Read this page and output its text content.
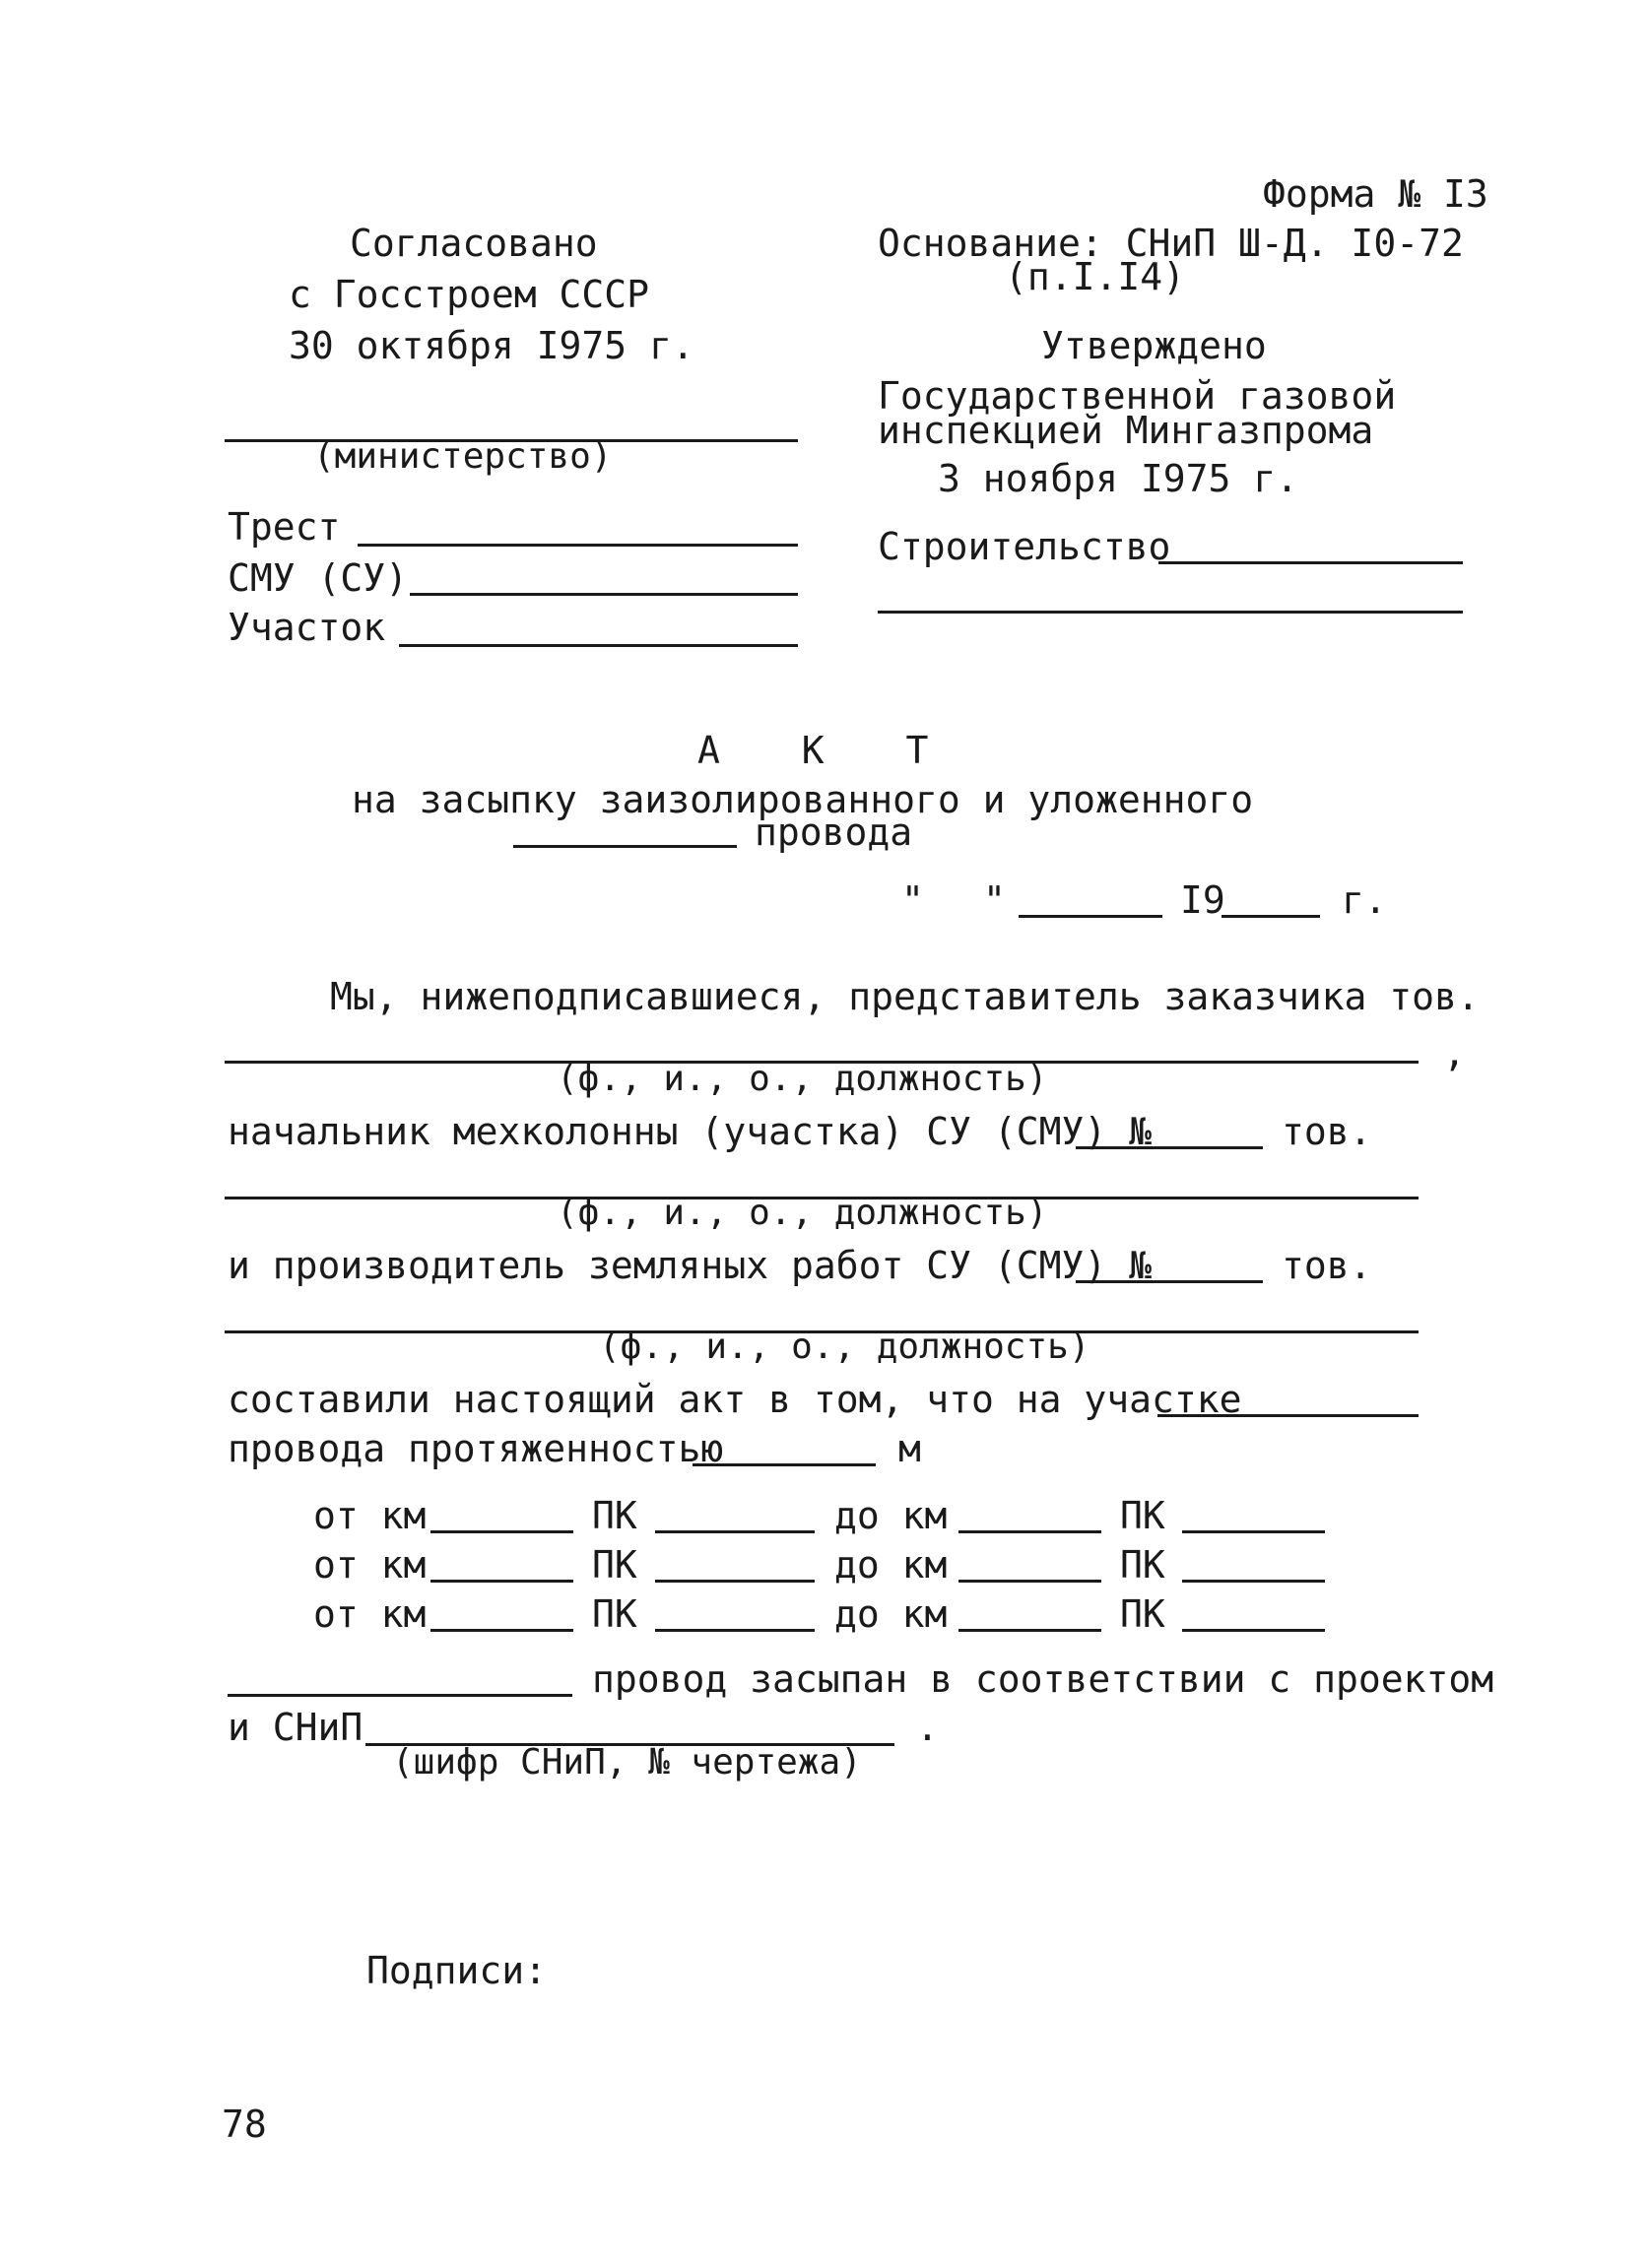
Форма № I3
Согласовано
с Госстроем СССР
30 октября I975 г.
Основание: СНиП Ш-Д. I0-72
(п.I.I4)
Утверждено
Государственной газовой
инспекцией Мингазпрома
3 ноября I975 г.
(министерство)
Трест
СМУ (СУ)
Участок
Строительство
А К Т
на засыпку заизолированного и уложенного
провода
" "	I9	г.
Мы, нижеподписавшиеся, представитель заказчика тов.
,
(ф., и., о., должность)
начальник мехколонны (участка) СУ (СМУ) №	тов.
(ф., и., о., должность)
и производитель земляных работ СУ (СМУ) №	тов.
(ф., и., о., должность)
составили настоящий акт в том, что на участке
провода протяженностью	м
от км	ПК	до км	ПК
от км	ПК	до км	ПК
от км	ПК	до км	ПК
провод засыпан в соответствии с проектом
и СНиП	.
(шифр СНиП, № чертежа)
Подписи:
78
